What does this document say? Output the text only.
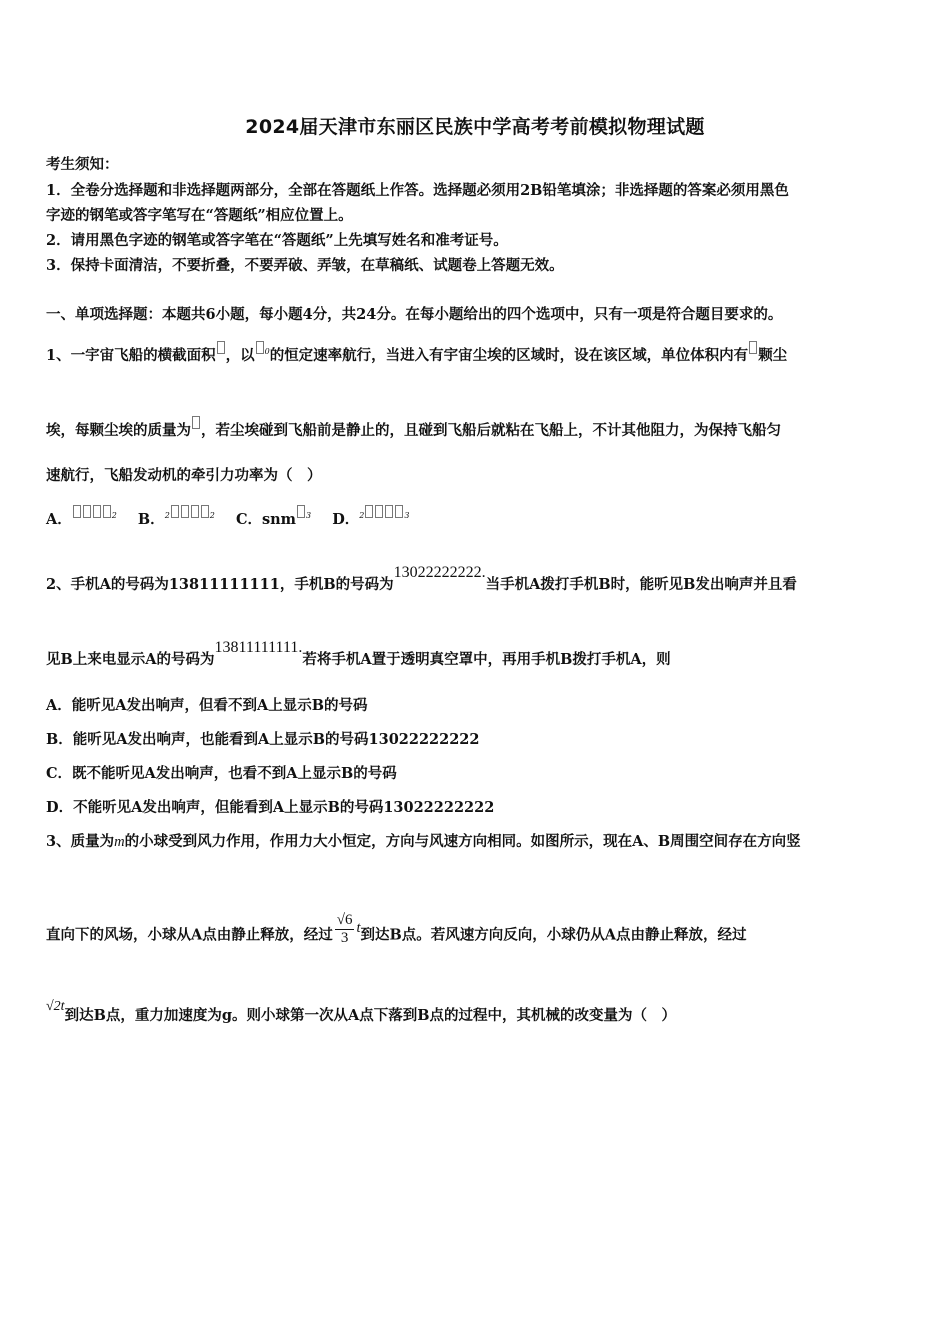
2024届天津市东丽区民族中学高考考前模拟物理试题
考生须知：
1．全卷分选择题和非选择题两部分，全部在答题纸上作答。选择题必须用2B铅笔填涂；非选择题的答案必须用黑色
字迹的钢笔或答字笔写在“答题纸”相应位置上。
2．请用黑色字迹的钢笔或答字笔在“答题纸”上先填写姓名和准考证号。
3．保持卡面清洁，不要折叠，不要弄破、弄皱，在草稿纸、试题卷上答题无效。
一、单项选择题：本题共6小题，每小题4分，共24分。在每小题给出的四个选项中，只有一项是符合题目要求的。
1、一宇宙飞船的横截面积 ，以 $^0$的恒定速率航行，当进入有宇宙尘埃的区域时，设在该区域，单位体积内有 颗尘
埃，每颗尘埃的质量为 ，若尘埃碰到飞船前是静止的，且碰到飞船后就粘在飞船上，不计其他阻力，为保持飞船匀
速航行，飞船发动机的牵引力功率为（　）
A．	$^2$ B．$^2$	$^2$ C．snm $^3$ D．$^2$	$^3$
2、手机A的号码为13811111111，手机B的号码为13022222222.当手机A拨打手机B时，能听见B发出响声并且看
见B上来电显示A的号码为13811111111.若将手机A置于透明真空罩中，再用手机B拨打手机A，则
A．能听见A发出响声，但看不到A上显示B的号码
B．能听见A发出响声，也能看到A上显示B的号码13022222222
C．既不能听见A发出响声，也看不到A上显示B的号码
D．不能听见A发出响声，但能看到A上显示B的号码13022222222
3、质量为m的小球受到风力作用，作用力大小恒定，方向与风速方向相同。如图所示，现在A、B周围空间存在方向竖
直向下的风场，小球从A点由静止释放，经过 $\frac{√6}{3}$ t到达B点。若风速方向反向，小球仍从A点由静止释放，经过
√2t到达B点，重力加速度为g。则小球第一次从A点下落到B点的过程中，其机械的改变量为（　）
